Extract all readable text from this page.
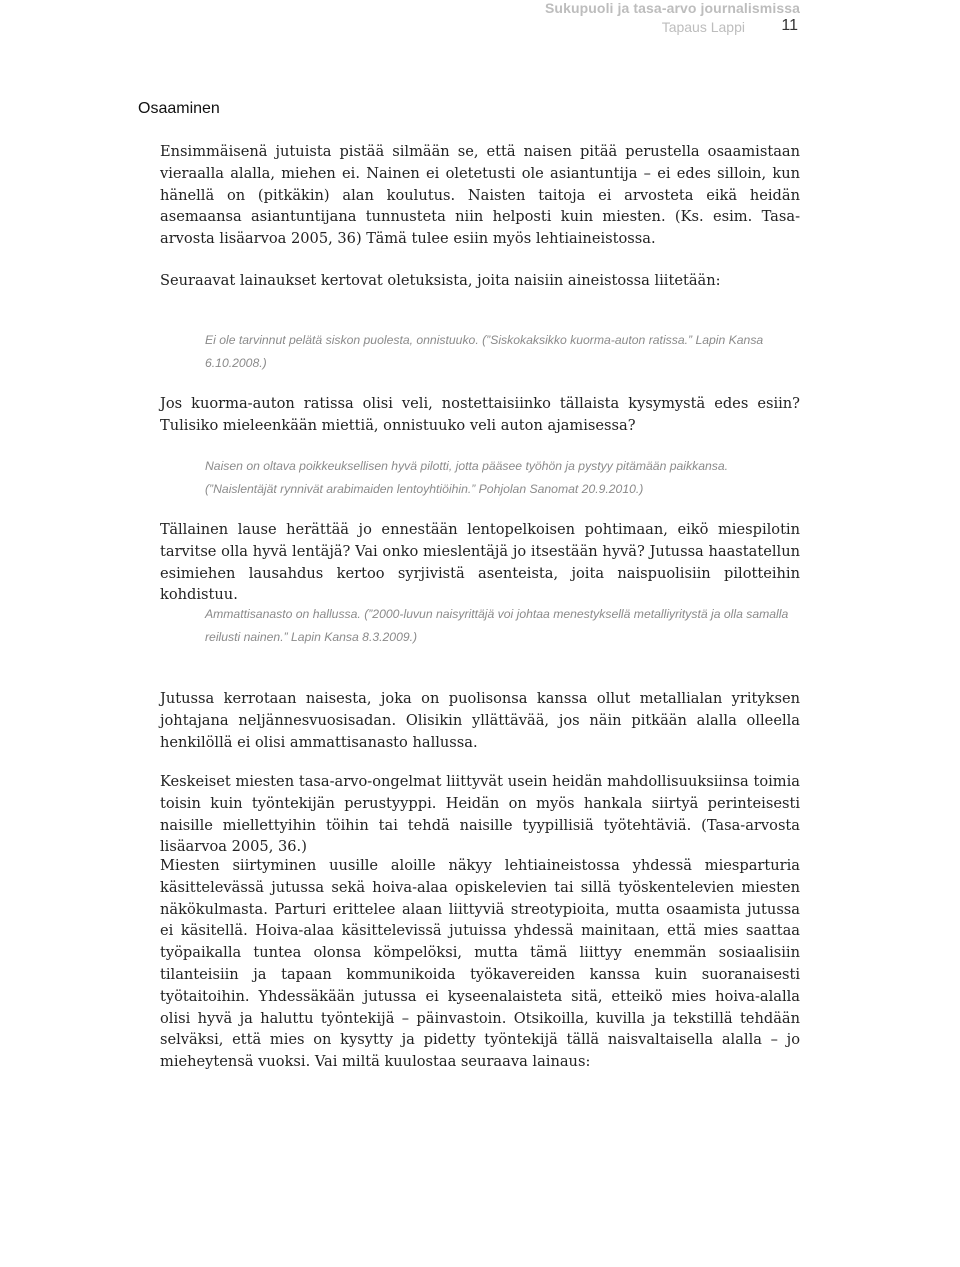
Sukupuoli ja tasa-arvo journalismissa
Tapaus Lappi	11
Osaaminen

Ensimmäisenä jutuista pistää silmään se, että naisen pitää perustella osaamistaan vieraalla alalla, miehen ei. Nainen ei oletetusti ole asiantuntija – ei edes silloin, kun hänellä on (pitkäkin) alan koulutus. Naisten taitoja ei arvosteta eikä heidän asemaansa asiantuntijana tunnusteta niin helposti kuin miesten. (Ks. esim. Tasa-arvosta lisäarvoa 2005, 36) Tämä tulee esiin myös lehtiaineistossa.

Seuraavat lainaukset kertovat oletuksista, joita naisiin aineistossa liitetään:

Ei ole tarvinnut pelätä siskon puolesta, onnistuuko. (”Siskokaksikko kuorma-auton ratissa.” Lapin Kansa 6.10.2008.)

Jos kuorma-auton ratissa olisi veli, nostettaisiinko tällaista kysymystä edes esiin? Tulisiko mieleenkään miettiä, onnistuuko veli auton ajamisessa?

Naisen on oltava poikkeuksellisen hyvä pilotti, jotta pääsee työhön ja pystyy pitämään paikkansa. (”Naislentäjät rynnivät arabimaiden lentoyhtiöihin.” Pohjolan Sanomat 20.9.2010.)

Tällainen lause herättää jo ennestään lentopelkoisen pohtimaan, eikö miespilotin tarvitse olla hyvä lentäjä? Vai onko mieslentäjä jo itsestään hyvä? Jutussa haastatellun esimiehen lausahdus kertoo syrjivistä asenteista, joita naispuolisiin pilotteihin kohdistuu.

Ammattisanasto on hallussa. (”2000-luvun naisyrittäjä voi johtaa menestyksellä metalliyritystä ja olla samalla reilusti nainen.” Lapin Kansa 8.3.2009.)

Jutussa kerrotaan naisesta, joka on puolisonsa kanssa ollut metallialan yrityksen johtajana neljännesvuosisadan. Olisikin yllättävää, jos näin pitkään alalla olleella henkilöllä ei olisi ammattisanasto hallussa.

Keskeiset miesten tasa-arvo-ongelmat liittyvät usein heidän mahdollisuuksiinsa toimia toisin kuin työntekijän perustyyppi. Heidän on myös hankala siirtyä perinteisesti naisille miellettyihin töihin tai tehdä naisille tyypillisiä työtehtäviä. (Tasa-arvosta lisäarvoa 2005, 36.)

Miesten siirtyminen uusille aloille näkyy lehtiaineistossa yhdessä miesparturia käsittelevässä jutussa sekä hoiva-alaa opiskelevien tai sillä työskentelevien miesten näkökulmasta. Parturi erittelee alaan liittyviä streotypioita, mutta osaamista jutussa ei käsitellä. Hoiva-alaa käsittelevissä jutuissa yhdessä mainitaan, että mies saattaa työpaikalla tuntea olonsa kömpelöksi, mutta tämä liittyy enemmän sosiaalisiin tilanteisiin ja tapaan kommunikoida työkavereiden kanssa kuin suoranaisesti työtaitoihin. Yhdessäkään jutussa ei kyseenalaisteta sitä, etteikö mies hoiva-alalla olisi hyvä ja haluttu työntekijä – päinvastoin. Otsikoilla, kuvilla ja tekstillä tehdään selväksi, että mies on kysytty ja pidetty työntekijä tällä naisvaltaisella alalla – jo mieheytensä vuoksi. Vai miltä kuulostaa seuraava lainaus:
